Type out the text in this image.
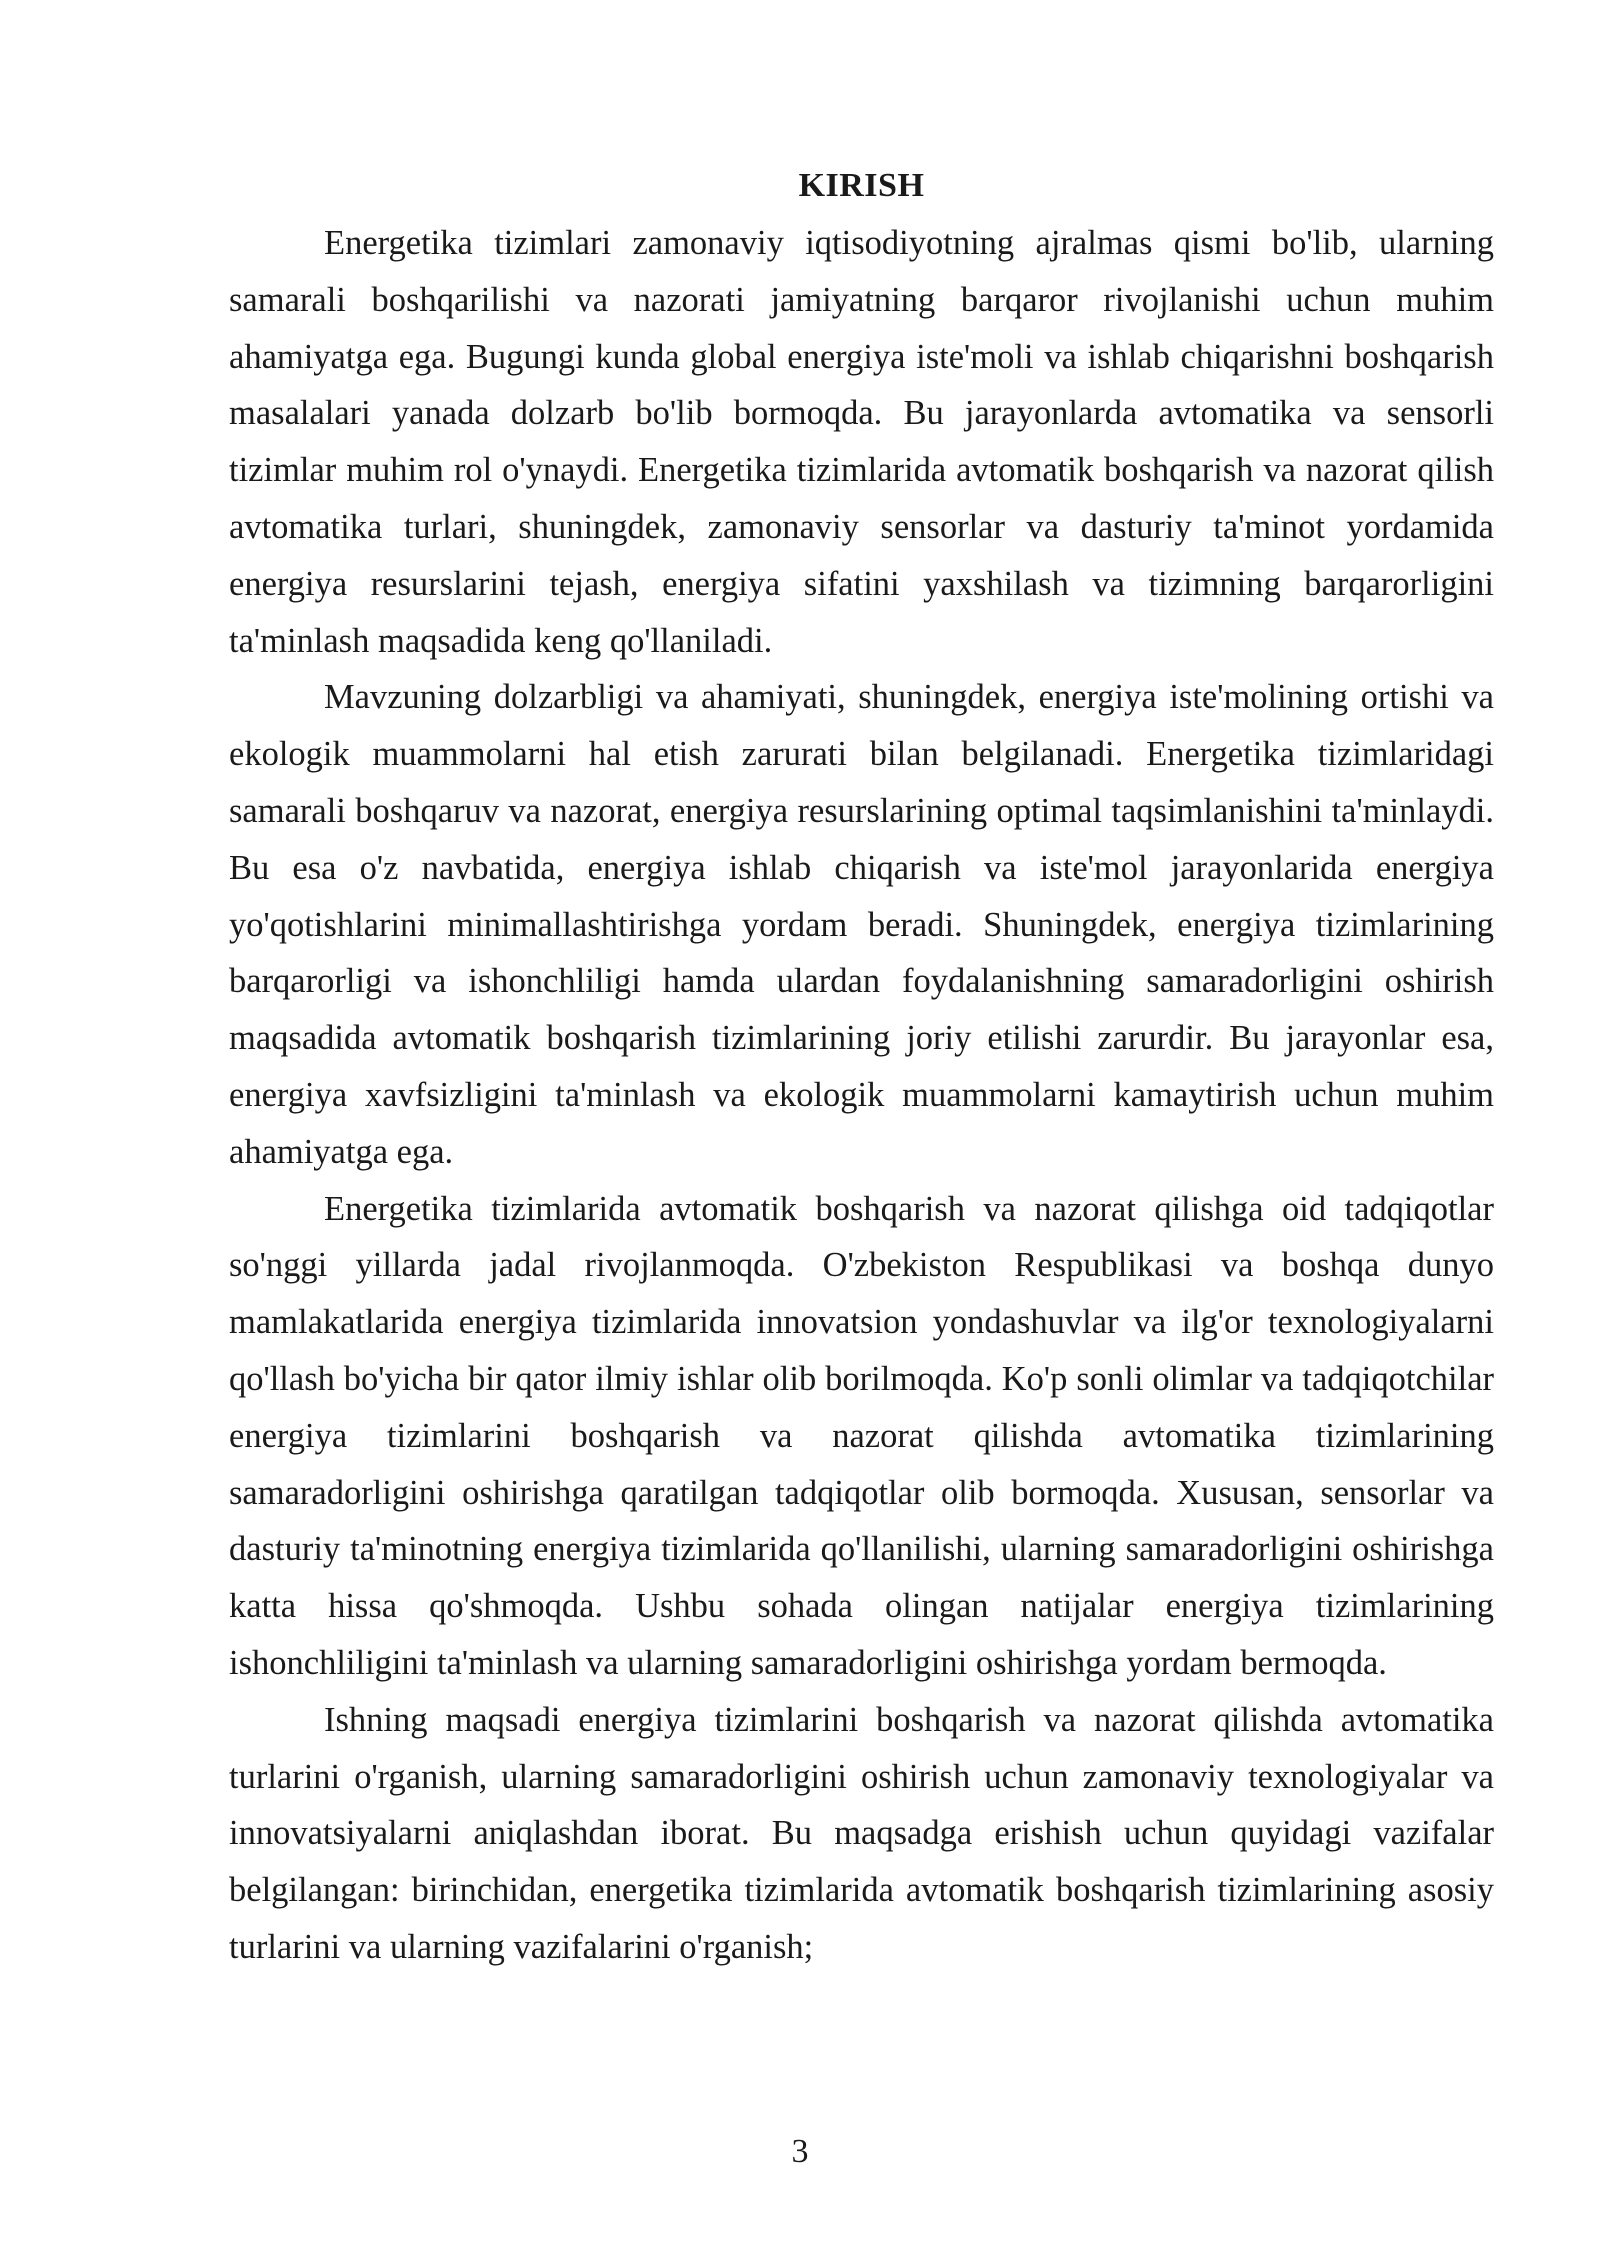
KIRISH

Energetika tizimlari zamonaviy iqtisodiyotning ajralmas qismi bo'lib, ularning samarali boshqarilishi va nazorati jamiyatning barqaror rivojlanishi uchun muhim ahamiyatga ega. Bugungi kunda global energiya iste'moli va ishlab chiqarishni boshqarish masalalari yanada dolzarb bo'lib bormoqda. Bu jarayonlarda avtomatika va sensorli tizimlar muhim rol o'ynaydi. Energetika tizimlarida avtomatik boshqarish va nazorat qilish avtomatika turlari, shuningdek, zamonaviy sensorlar va dasturiy ta'minot yordamida energiya resurslarini tejash, energiya sifatini yaxshilash va tizimning barqarorligini ta'minlash maqsadida keng qo'llaniladi.

Mavzuning dolzarbligi va ahamiyati, shuningdek, energiya iste'molining ortishi va ekologik muammolarni hal etish zarurati bilan belgilanadi. Energetika tizimlaridagi samarali boshqaruv va nazorat, energiya resurslarining optimal taqsimlanishini ta'minlaydi. Bu esa o'z navbatida, energiya ishlab chiqarish va iste'mol jarayonlarida energiya yo'qotishlarini minimallashtirishga yordam beradi. Shuningdek, energiya tizimlarining barqarorligi va ishonchliligi hamda ulardan foydalanishning samaradorligini oshirish maqsadida avtomatik boshqarish tizimlarining joriy etilishi zarurdir. Bu jarayonlar esa, energiya xavfsizligini ta'minlash va ekologik muammolarni kamaytirish uchun muhim ahamiyatga ega.

Energetika tizimlarida avtomatik boshqarish va nazorat qilishga oid tadqiqotlar so'nggi yillarda jadal rivojlanmoqda. O'zbekiston Respublikasi va boshqa dunyo mamlakatlarida energiya tizimlarida innovatsion yondashuvlar va ilg'or texnologiyalarni qo'llash bo'yicha bir qator ilmiy ishlar olib borilmoqda. Ko'p sonli olimlar va tadqiqotchilar energiya tizimlarini boshqarish va nazorat qilishda avtomatika tizimlarining samaradorligini oshirishga qaratilgan tadqiqotlar olib bormoqda. Xususan, sensorlar va dasturiy ta'minotning energiya tizimlarida qo'llanilishi, ularning samaradorligini oshirishga katta hissa qo'shmoqda. Ushbu sohada olingan natijalar energiya tizimlarining ishonchliligini ta'minlash va ularning samaradorligini oshirishga yordam bermoqda.

Ishning maqsadi energiya tizimlarini boshqarish va nazorat qilishda avtomatika turlarini o'rganish, ularning samaradorligini oshirish uchun zamonaviy texnologiyalar va innovatsiyalarni aniqlashdan iborat. Bu maqsadga erishish uchun quyidagi vazifalar belgilangan: birinchidan, energetika tizimlarida avtomatik boshqarish tizimlarining asosiy turlarini va ularning vazifalarini o'rganish;

3
